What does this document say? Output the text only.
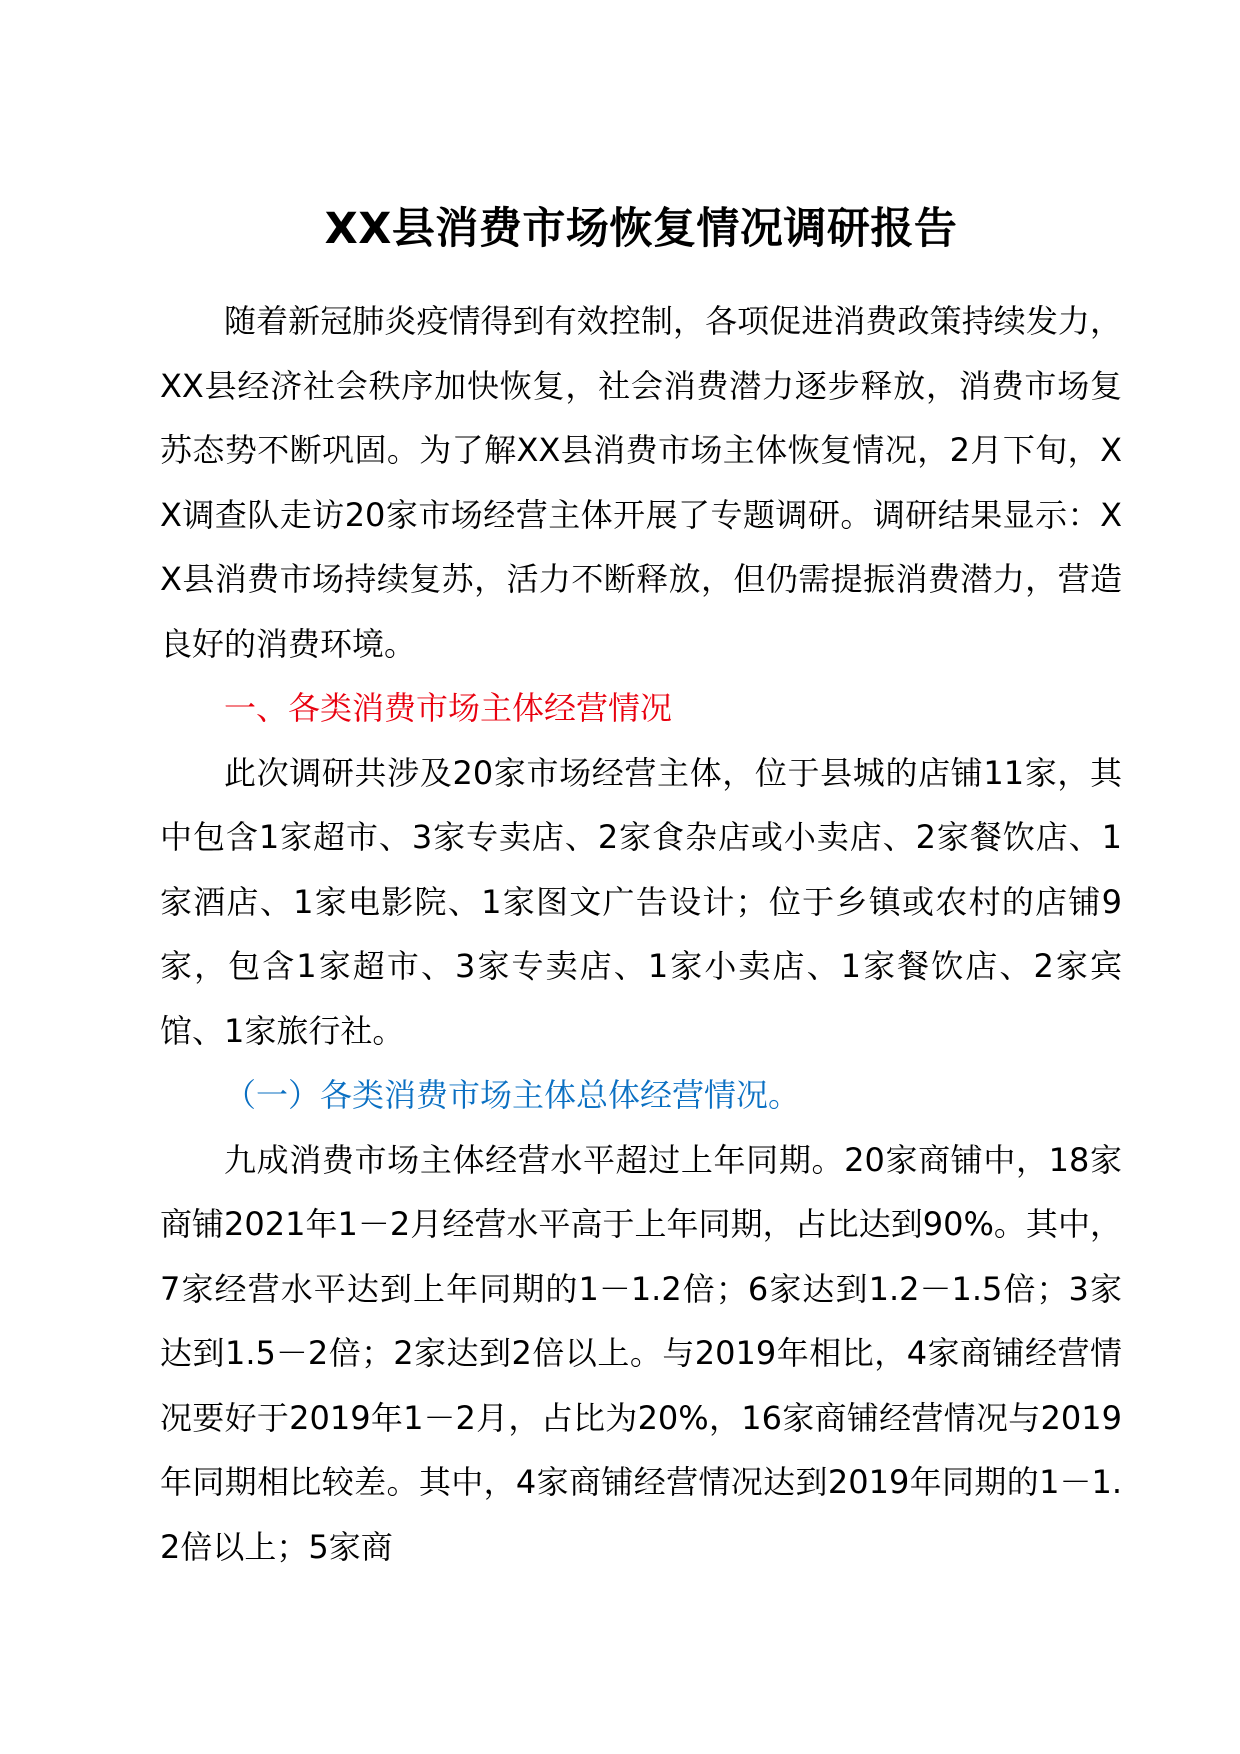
XX县消费市场恢复情况调研报告

随着新冠肺炎疫情得到有效控制，各项促进消费政策持续发力，XX县经济社会秩序加快恢复，社会消费潜力逐步释放，消费市场复苏态势不断巩固。为了解XX县消费市场主体恢复情况，2月下旬，XX调查队走访20家市场经营主体开展了专题调研。调研结果显示：XX县消费市场持续复苏，活力不断释放，但仍需提振消费潜力，营造良好的消费环境。

一、各类消费市场主体经营情况

此次调研共涉及20家市场经营主体，位于县城的店铺11家，其中包含1家超市、3家专卖店、2家食杂店或小卖店、2家餐饮店、1家酒店、1家电影院、1家图文广告设计；位于乡镇或农村的店铺9家，包含1家超市、3家专卖店、1家小卖店、1家餐饮店、2家宾馆、1家旅行社。

（一）各类消费市场主体总体经营情况。

九成消费市场主体经营水平超过上年同期。20家商铺中，18家商铺2021年1－2月经营水平高于上年同期，占比达到90%。其中，7家经营水平达到上年同期的1－1.2倍；6家达到1.2－1.5倍；3家达到1.5－2倍；2家达到2倍以上。与2019年相比，4家商铺经营情况要好于2019年1－2月，占比为20%，16家商铺经营情况与2019年同期相比较差。其中，4家商铺经营情况达到2019年同期的1－1.2倍以上；5家商
